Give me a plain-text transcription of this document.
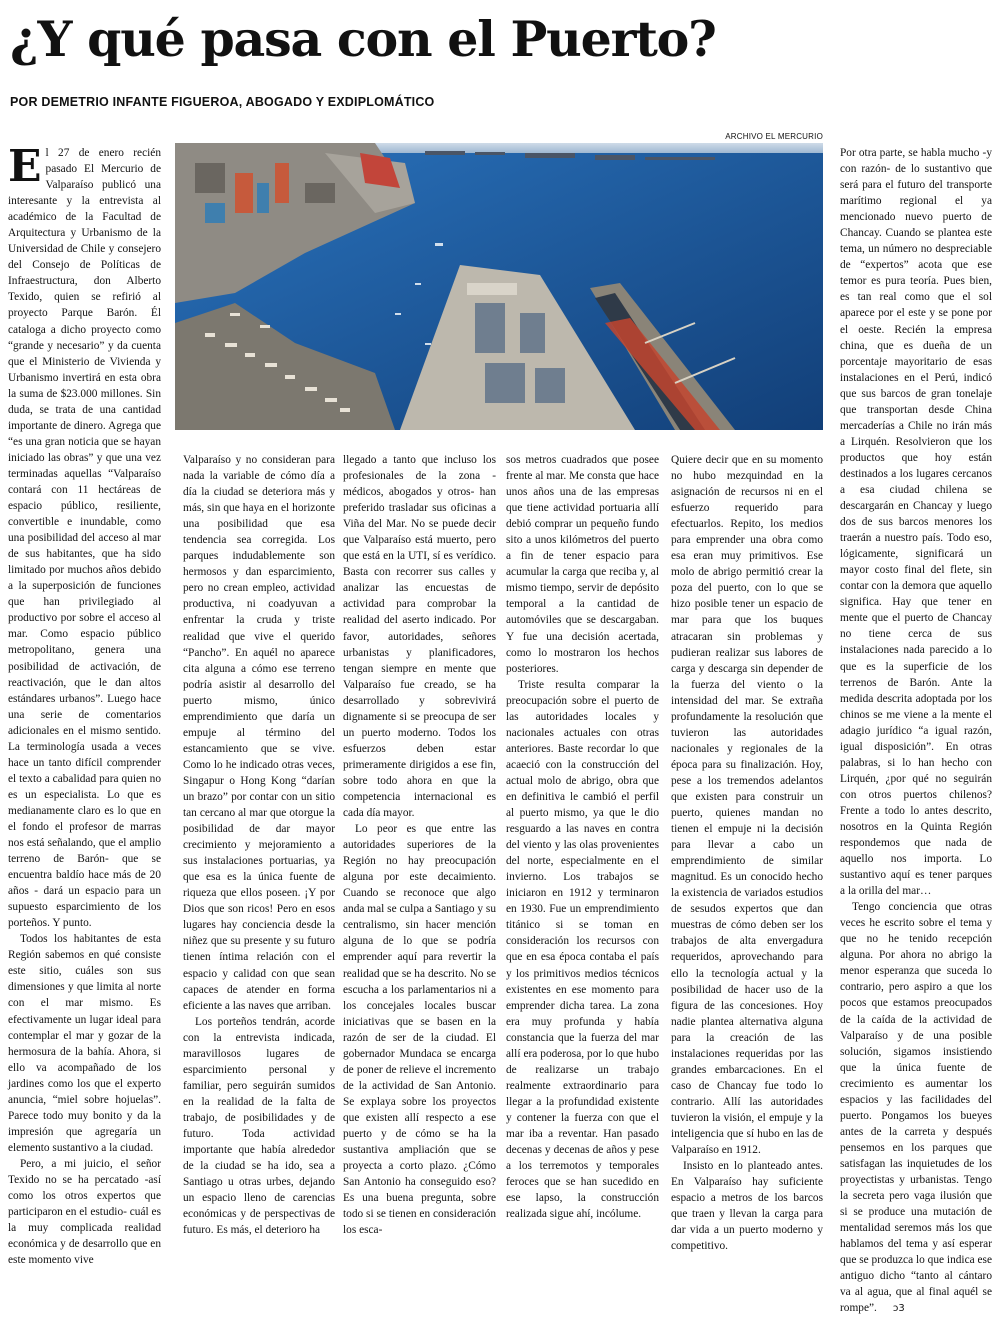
¿Y qué pasa con el Puerto?
POR DEMETRIO INFANTE FIGUEROA, ABOGADO Y EXDIPLOMÁTICO
ARCHIVO EL MERCURIO

El 27 de enero recién pasado El Mercurio de Valparaíso publicó una interesante y la entrevista al académico de la Facultad de Arquitectura y Urbanismo de la Universidad de Chile y consejero del Consejo de Políticas de Infraestructura, don Alberto Texido, quien se refirió al proyecto Parque Barón. Él cataloga a dicho proyecto como “grande y necesario” y da cuenta que el Ministerio de Vivienda y Urbanismo invertirá en esta obra la suma de $23.000 millones. Sin duda, se trata de una cantidad importante de dinero. Agrega que “es una gran noticia que se hayan iniciado las obras” y que una vez terminadas aquellas “Valparaíso contará con 11 hectáreas de espacio público, resiliente, convertible e inundable, como una posibilidad del acceso al mar de sus habitantes, que ha sido limitado por muchos años debido a la superposición de funciones que han privilegiado al productivo por sobre el acceso al mar. Como espacio público metropolitano, genera una posibilidad de activación, de reactivación, que le dan altos estándares urbanos”. Luego hace una serie de comentarios adicionales en el mismo sentido. La terminología usada a veces hace un tanto difícil comprender el texto a cabalidad para quien no es un especialista. Lo que es medianamente claro es lo que en el fondo el profesor de marras nos está señalando, que el amplio terreno de Barón- que se encuentra baldío hace más de 20 años - dará un espacio para un supuesto esparcimiento de los porteños. Y punto.

Todos los habitantes de esta Región sabemos en qué consiste este sitio, cuáles son sus dimensiones y que limita al norte con el mar mismo. Es efectivamente un lugar ideal para contemplar el mar y gozar de la hermosura de la bahía. Ahora, si ello va acompañado de los jardines como los que el experto anuncia, “miel sobre hojuelas”. Parece todo muy bonito y da la impresión que agregaría un elemento sustantivo a la ciudad.

Pero, a mi juicio, el señor Texido no se ha percatado -así como los otros expertos que participaron en el estudio- cuál es la muy complicada realidad económica y de desarrollo que en este momento vive

Valparaíso y no consideran para nada la variable de cómo día a día la ciudad se deteriora más y más, sin que haya en el horizonte una posibilidad que esa tendencia sea corregida. Los parques indudablemente son hermosos y dan esparcimiento, pero no crean empleo, actividad productiva, ni coadyuvan a enfrentar la cruda y triste realidad que vive el querido “Pancho”. En aquél no aparece cita alguna a cómo ese terreno podría asistir al desarrollo del puerto mismo, único emprendimiento que daría un empuje al término del estancamiento que se vive. Como lo he indicado otras veces, Singapur o Hong Kong “darían un brazo” por contar con un sitio tan cercano al mar que otorgue la posibilidad de dar mayor crecimiento y mejoramiento a sus instalaciones portuarias, ya que esa es la única fuente de riqueza que ellos poseen. ¡Y por Dios que son ricos! Pero en esos lugares hay conciencia desde la niñez que su presente y su futuro tienen íntima relación con el espacio y calidad con que sean capaces de atender en forma eficiente a las naves que arriban.

Los porteños tendrán, acorde con la entrevista indicada, maravillosos lugares de esparcimiento personal y familiar, pero seguirán sumidos en la realidad de la falta de trabajo, de posibilidades y de futuro. Toda actividad importante que había alrededor de la ciudad se ha ido, sea a Santiago u otras urbes, dejando un espacio lleno de carencias económicas y de perspectivas de futuro. Es más, el deterioro ha

llegado a tanto que incluso los profesionales de la zona -médicos, abogados y otros- han preferido trasladar sus oficinas a Viña del Mar. No se puede decir que Valparaíso está muerto, pero que está en la UTI, sí es verídico. Basta con recorrer sus calles y analizar las encuestas de actividad para comprobar la realidad del aserto indicado. Por favor, autoridades, señores urbanistas y planificadores, tengan siempre en mente que Valparaíso fue creado, se ha desarrollado y sobrevivirá dignamente si se preocupa de ser un puerto moderno. Todos los esfuerzos deben estar primeramente dirigidos a ese fin, sobre todo ahora en que la competencia internacional es cada día mayor.

Lo peor es que entre las autoridades superiores de la Región no hay preocupación alguna por este decaimiento. Cuando se reconoce que algo anda mal se culpa a Santiago y su centralismo, sin hacer mención alguna de lo que se podría emprender aquí para revertir la realidad que se ha descrito. No se escucha a los parlamentarios ni a los concejales locales buscar iniciativas que se basen en la razón de ser de la ciudad. El gobernador Mundaca se encarga de poner de relieve el incremento de la actividad de San Antonio. Se explaya sobre los proyectos que existen allí respecto a ese puerto y de cómo se ha la sustantiva ampliación que se proyecta a corto plazo. ¿Cómo San Antonio ha conseguido eso? Es una buena pregunta, sobre todo si se tienen en consideración los esca-

sos metros cuadrados que posee frente al mar. Me consta que hace unos años una de las empresas que tiene actividad portuaria allí debió comprar un pequeño fundo sito a unos kilómetros del puerto a fin de tener espacio para acumular la carga que reciba y, al mismo tiempo, servir de depósito temporal a la cantidad de automóviles que se descargaban. Y fue una decisión acertada, como lo mostraron los hechos posteriores.

Triste resulta comparar la preocupación sobre el puerto de las autoridades locales y nacionales actuales con otras anteriores. Baste recordar lo que acaeció con la construcción del actual molo de abrigo, obra que en definitiva le cambió el perfil al puerto mismo, ya que le dio resguardo a las naves en contra del viento y las olas provenientes del norte, especialmente en el invierno. Los trabajos se iniciaron en 1912 y terminaron en 1930. Fue un emprendimiento titánico si se toman en consideración los recursos con que en esa época contaba el país y los primitivos medios técnicos existentes en ese momento para emprender dicha tarea. La zona era muy profunda y había constancia que la fuerza del mar allí era poderosa, por lo que hubo de realizarse un trabajo realmente extraordinario para llegar a la profundidad existente y contener la fuerza con que el mar iba a reventar. Han pasado decenas y decenas de años y pese a los terremotos y temporales feroces que se han sucedido en ese lapso, la construcción realizada sigue ahí, incólume.

Quiere decir que en su momento no hubo mezquindad en la asignación de recursos ni en el esfuerzo requerido para efectuarlos. Repito, los medios para emprender una obra como esa eran muy primitivos. Ese molo de abrigo permitió crear la poza del puerto, con lo que se hizo posible tener un espacio de mar para que los buques atracaran sin problemas y pudieran realizar sus labores de carga y descarga sin depender de la fuerza del viento o la intensidad del mar. Se extraña profundamente la resolución que tuvieron las autoridades nacionales y regionales de la época para su finalización. Hoy, pese a los tremendos adelantos que existen para construir un puerto, quienes mandan no tienen el empuje ni la decisión para llevar a cabo un emprendimiento de similar magnitud. Es un conocido hecho la existencia de variados estudios de sesudos expertos que dan muestras de cómo deben ser los trabajos de alta envergadura requeridos, aprovechando para ello la tecnología actual y la posibilidad de hacer uso de la figura de las concesiones. Hoy nadie plantea alternativa alguna para la creación de las instalaciones requeridas por las grandes embarcaciones. En el caso de Chancay fue todo lo contrario. Allí las autoridades tuvieron la visión, el empuje y la inteligencia que sí hubo en las de Valparaíso en 1912.

Insisto en lo planteado antes. En Valparaíso hay suficiente espacio a metros de los barcos que traen y llevan la carga para dar vida a un puerto moderno y competitivo.

Por otra parte, se habla mucho -y con razón- de lo sustantivo que será para el futuro del transporte marítimo regional el ya mencionado nuevo puerto de Chancay. Cuando se plantea este tema, un número no despreciable de “expertos” acota que ese temor es pura teoría. Pues bien, es tan real como que el sol aparece por el este y se pone por el oeste. Recién la empresa china, que es dueña de un porcentaje mayoritario de esas instalaciones en el Perú, indicó que sus barcos de gran tonelaje que transportan desde China mercaderías a Chile no irán más a Lirquén. Resolvieron que los productos que hoy están destinados a los lugares cercanos a esa ciudad chilena se descargarán en Chancay y luego dos de sus barcos menores los traerán a nuestro país. Todo eso, lógicamente, significará un mayor costo final del flete, sin contar con la demora que aquello significa. Hay que tener en mente que el puerto de Chancay no tiene cerca de sus instalaciones nada parecido a lo que es la superficie de los terrenos de Barón. Ante la medida descrita adoptada por los chinos se me viene a la mente el adagio jurídico “a igual razón, igual disposición”. En otras palabras, si lo han hecho con Lirquén, ¿por qué no seguirán con otros puertos chilenos? Frente a todo lo antes descrito, nosotros en la Quinta Región respondemos que nada de aquello nos importa. Lo sustantivo aquí es tener parques a la orilla del mar…

Tengo conciencia que otras veces he escrito sobre el tema y que no he tenido recepción alguna. Por ahora no abrigo la menor esperanza que suceda lo contrario, pero aspiro a que los pocos que estamos preocupados de la caída de la actividad de Valparaíso y de una posible solución, sigamos insistiendo que la única fuente de crecimiento es aumentar los espacios y las facilidades del puerto. Pongamos los bueyes antes de la carreta y después pensemos en los parques que satisfagan las inquietudes de los proyectistas y urbanistas. Tengo la secreta pero vaga ilusión que si se produce una mutación de mentalidad seremos más los que hablamos del tema y así esperar que se produzca lo que indica ese antiguo dicho “tanto al cántaro va al agua, que al final aquél se rompe”. ↄ3
